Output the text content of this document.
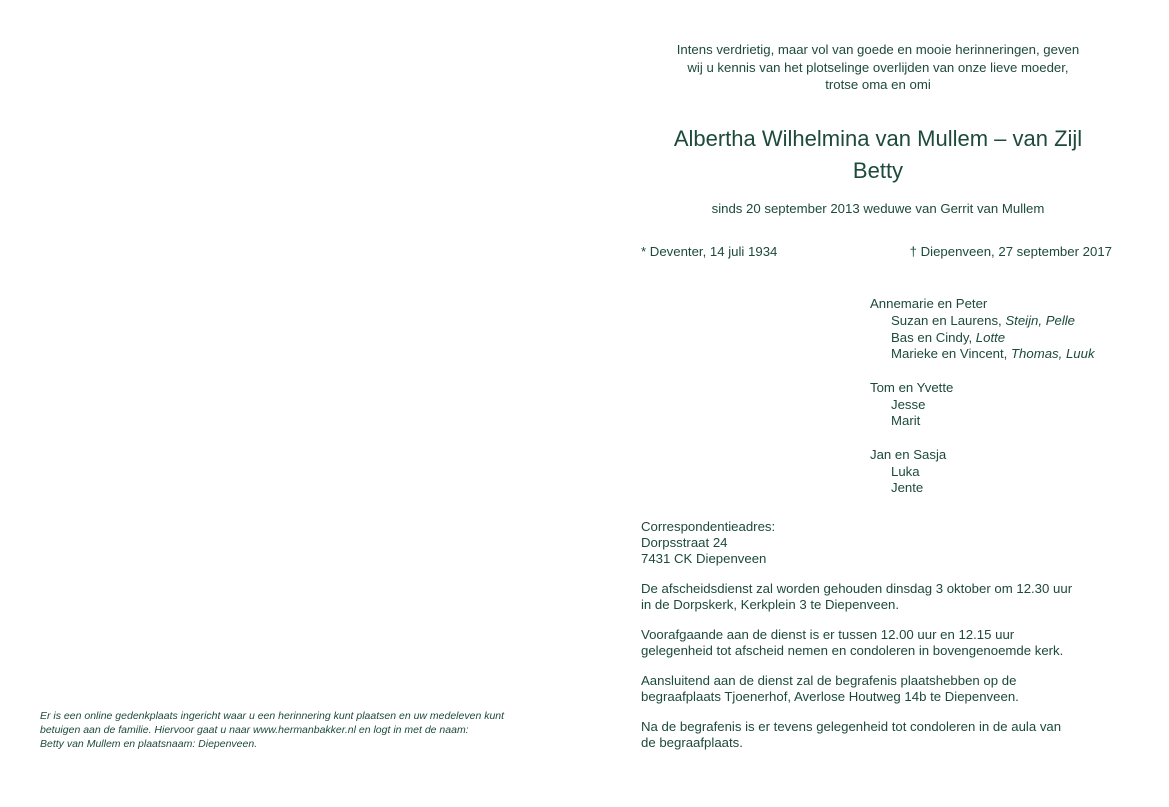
Er is een online gedenkplaats ingericht waar u een herinnering kunt plaatsen en uw medeleven kunt
betuigen aan de familie. Hiervoor gaat u naar www.hermanbakker.nl en logt in met de naam:
Betty van Mullem en plaatsnaam: Diepenveen.
Intens verdrietig, maar vol van goede en mooie herinneringen, geven
wij u kennis van het plotselinge overlijden van onze lieve moeder,
trotse oma en omi
Albertha Wilhelmina van Mullem – van Zijl
Betty
sinds 20 september 2013 weduwe van Gerrit van Mullem
* Deventer, 14 juli 1934	† Diepenveen, 27 september 2017
Annemarie en Peter
Suzan en Laurens, Steijn, Pelle
Bas en Cindy, Lotte
Marieke en Vincent, Thomas, Luuk
Tom en Yvette
Jesse
Marit
Jan en Sasja
Luka
Jente
Correspondentieadres:
Dorpsstraat 24
7431 CK Diepenveen
De afscheidsdienst zal worden gehouden dinsdag 3 oktober om 12.30 uur
in de Dorpskerk, Kerkplein 3 te Diepenveen.
Voorafgaande aan de dienst is er tussen 12.00 uur en 12.15 uur
gelegenheid tot afscheid nemen en condoleren in bovengenoemde kerk.
Aansluitend aan de dienst zal de begrafenis plaatshebben op de
begraafplaats Tjoenerhof, Averlose Houtweg 14b te Diepenveen.
Na de begrafenis is er tevens gelegenheid tot condoleren in de aula van
de begraafplaats.
